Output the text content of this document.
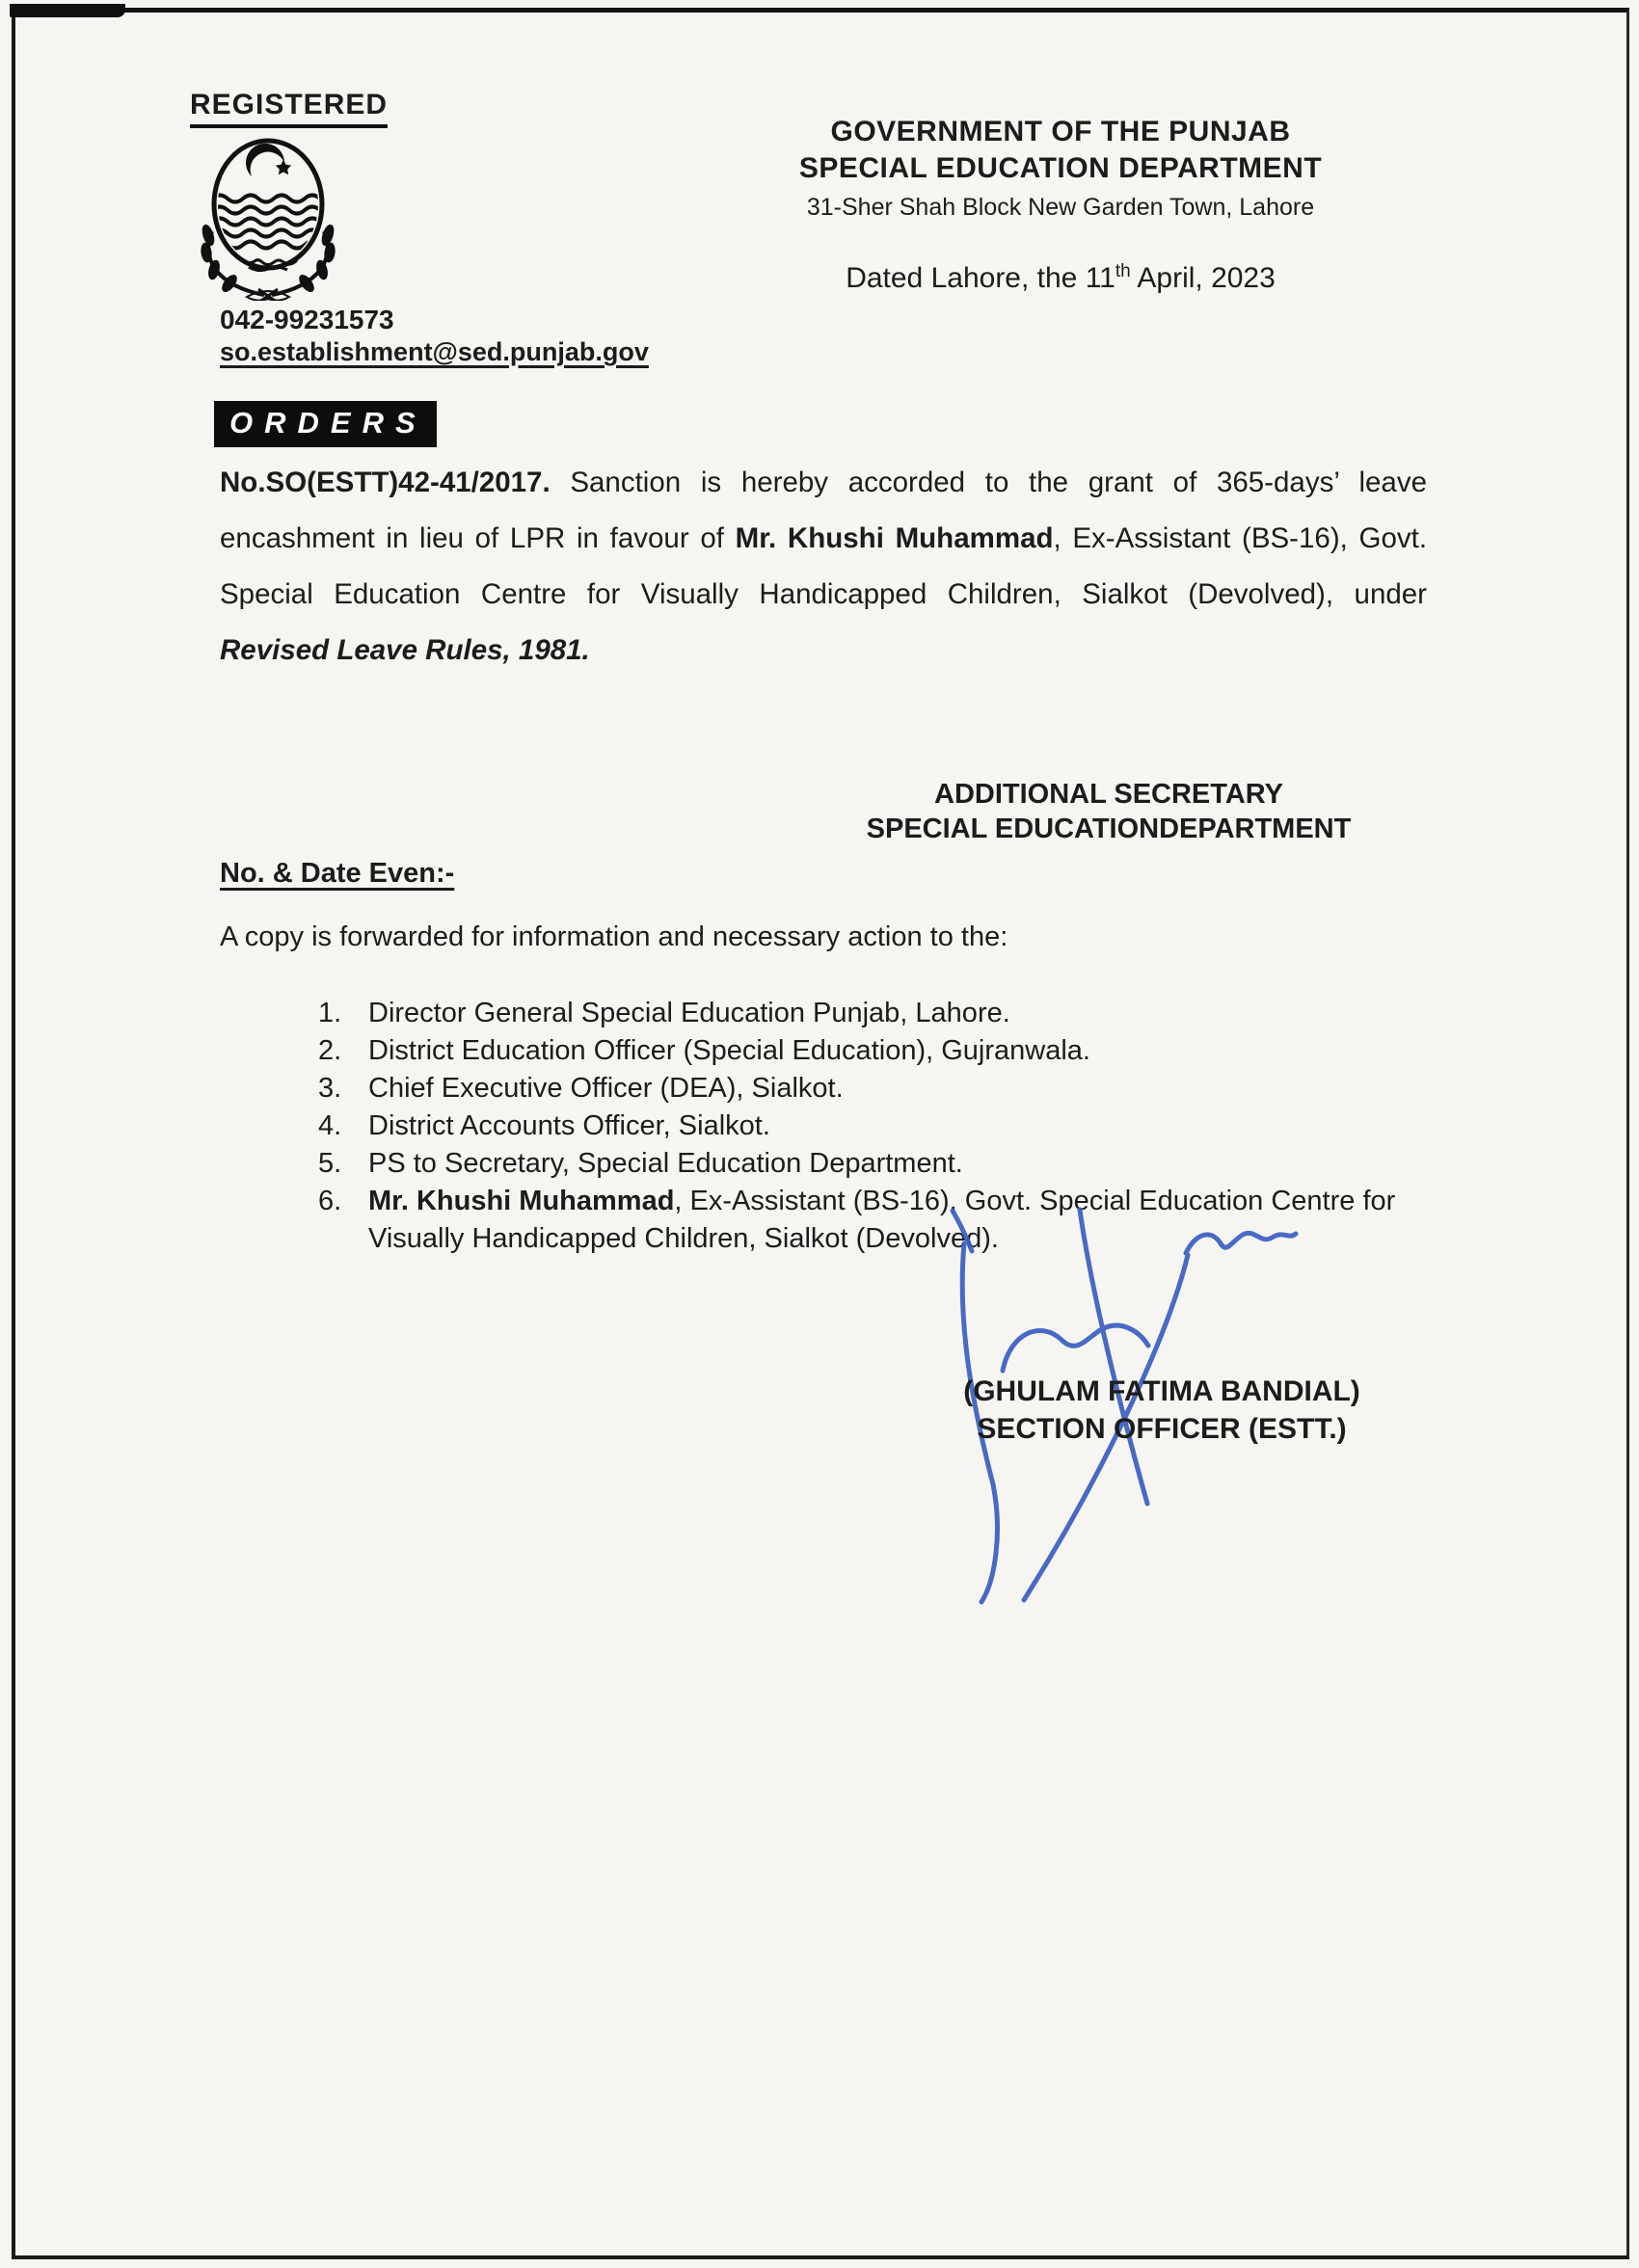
REGISTERED
GOVERNMENT OF THE PUNJAB
SPECIAL EDUCATION DEPARTMENT
31-Sher Shah Block New Garden Town, Lahore
Dated Lahore, the 11th April, 2023
042-99231573
so.establishment@sed.punjab.gov
ORDERS
No.SO(ESTT)42-41/2017. Sanction is hereby accorded to the grant of 365-days’ leave encashment in lieu of LPR in favour of Mr. Khushi Muhammad, Ex-Assistant (BS-16), Govt. Special Education Centre for Visually Handicapped Children, Sialkot (Devolved), under Revised Leave Rules, 1981.
ADDITIONAL SECRETARY
SPECIAL EDUCATIONDEPARTMENT
No. & Date Even:-
A copy is forwarded for information and necessary action to the:
1. Director General Special Education Punjab, Lahore.
2. District Education Officer (Special Education), Gujranwala.
3. Chief Executive Officer (DEA), Sialkot.
4. District Accounts Officer, Sialkot.
5. PS to Secretary, Special Education Department.
6. Mr. Khushi Muhammad, Ex-Assistant (BS-16), Govt. Special Education Centre for Visually Handicapped Children, Sialkot (Devolved).
(GHULAM FATIMA BANDIAL)
SECTION OFFICER (ESTT.)
